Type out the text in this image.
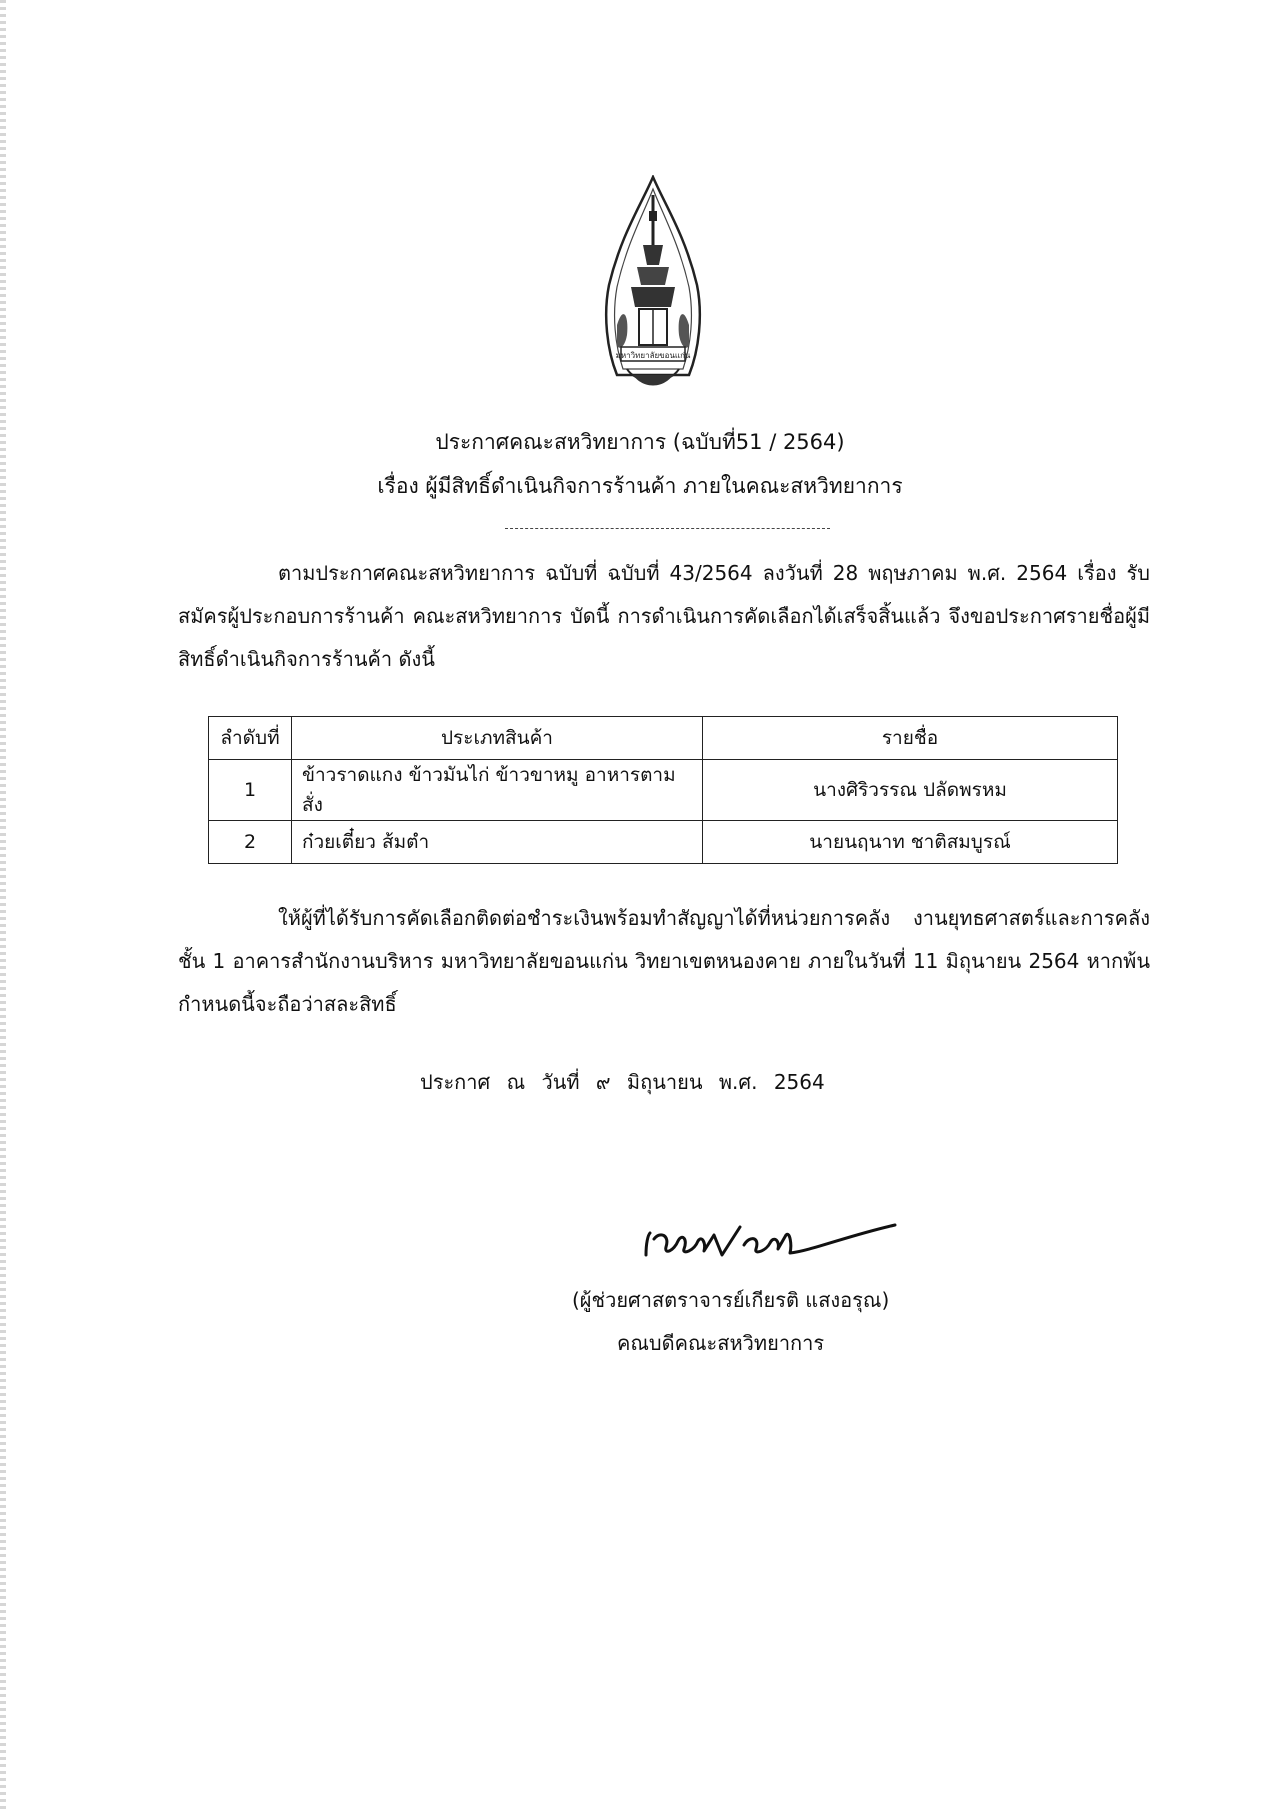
มหาวิทยาลัยขอนแก่น
ประกาศคณะสหวิทยาการ (ฉบับที่51 / 2564)
เรื่อง ผู้มีสิทธิ์ดำเนินกิจการร้านค้า ภายในคณะสหวิทยาการ
ตามประกาศคณะสหวิทยาการ ฉบับที่ ฉบับที่ 43/2564 ลงวันที่ 28 พฤษภาคม พ.ศ. 2564 เรื่อง รับสมัครผู้ประกอบการร้านค้า คณะสหวิทยาการ บัดนี้ การดำเนินการคัดเลือกได้เสร็จสิ้นแล้ว จึงขอประกาศรายชื่อผู้มีสิทธิ์ดำเนินกิจการร้านค้า ดังนี้
ลำดับที่	ประเภทสินค้า	รายชื่อ
1	ข้าวราดแกง ข้าวมันไก่ ข้าวขาหมู อาหารตามสั่ง	นางศิริวรรณ ปลัดพรหม
2	ก๋วยเตี๋ยว ส้มตำ	นายนฤนาท ชาติสมบูรณ์
ให้ผู้ที่ได้รับการคัดเลือกติดต่อชำระเงินพร้อมทำสัญญาได้ที่หน่วยการคลัง งานยุทธศาสตร์และการคลัง ชั้น 1 อาคารสำนักงานบริหาร มหาวิทยาลัยขอนแก่น วิทยาเขตหนองคาย ภายในวันที่ 11 มิถุนายน 2564 หากพ้นกำหนดนี้จะถือว่าสละสิทธิ์
ประกาศ ณ วันที่ ๙ มิถุนายน พ.ศ. 2564
(ผู้ช่วยศาสตราจารย์เกียรติ แสงอรุณ)
คณบดีคณะสหวิทยาการ
